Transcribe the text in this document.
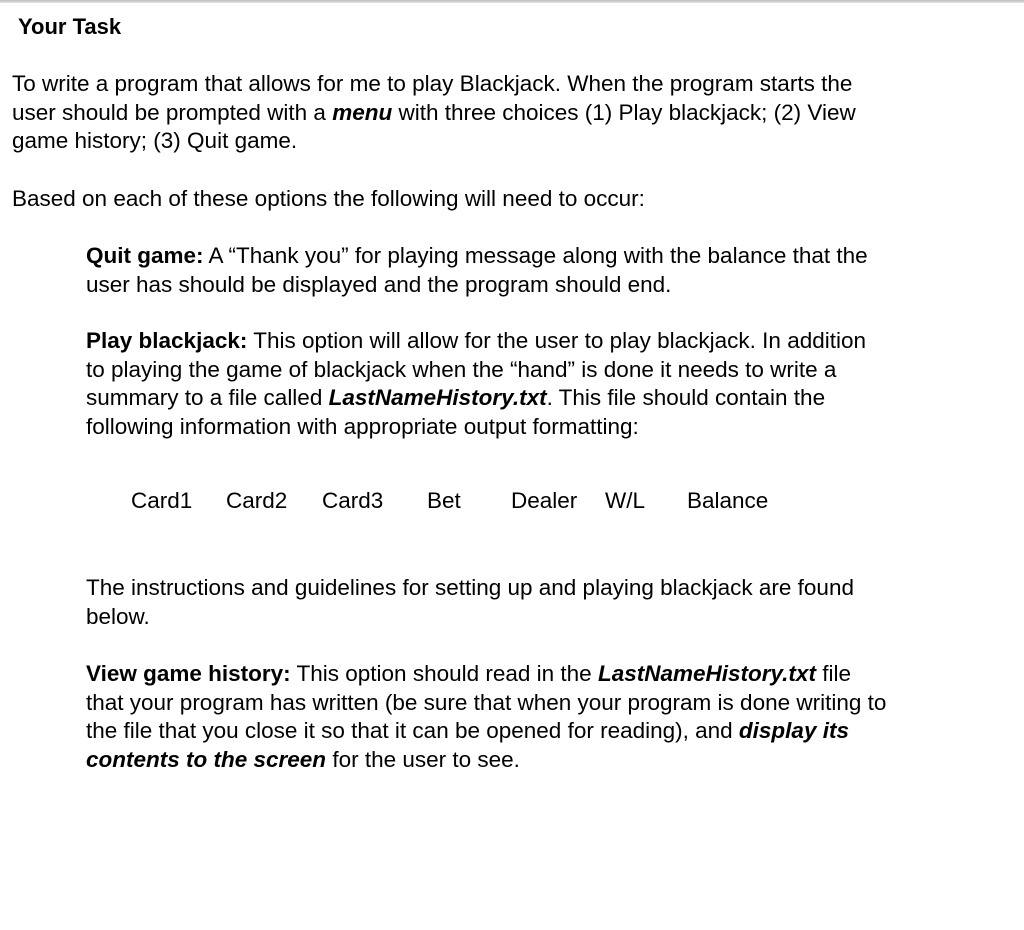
Your Task
To write a program that allows for me to play Blackjack. When the program starts the
user should be prompted with a menu with three choices (1) Play blackjack; (2) View
game history; (3) Quit game.
Based on each of these options the following will need to occur:
Quit game: A “Thank you” for playing message along with the balance that the
user has should be displayed and the program should end.
Play blackjack: This option will allow for the user to play blackjack. In addition
to playing the game of blackjack when the “hand” is done it needs to write a
summary to a file called LastNameHistory.txt. This file should contain the
following information with appropriate output formatting:
Card1 Card2 Card3 Bet Dealer W/L Balance
The instructions and guidelines for setting up and playing blackjack are found
below.
View game history: This option should read in the LastNameHistory.txt file
that your program has written (be sure that when your program is done writing to
the file that you close it so that it can be opened for reading), and display its
contents to the screen for the user to see.
